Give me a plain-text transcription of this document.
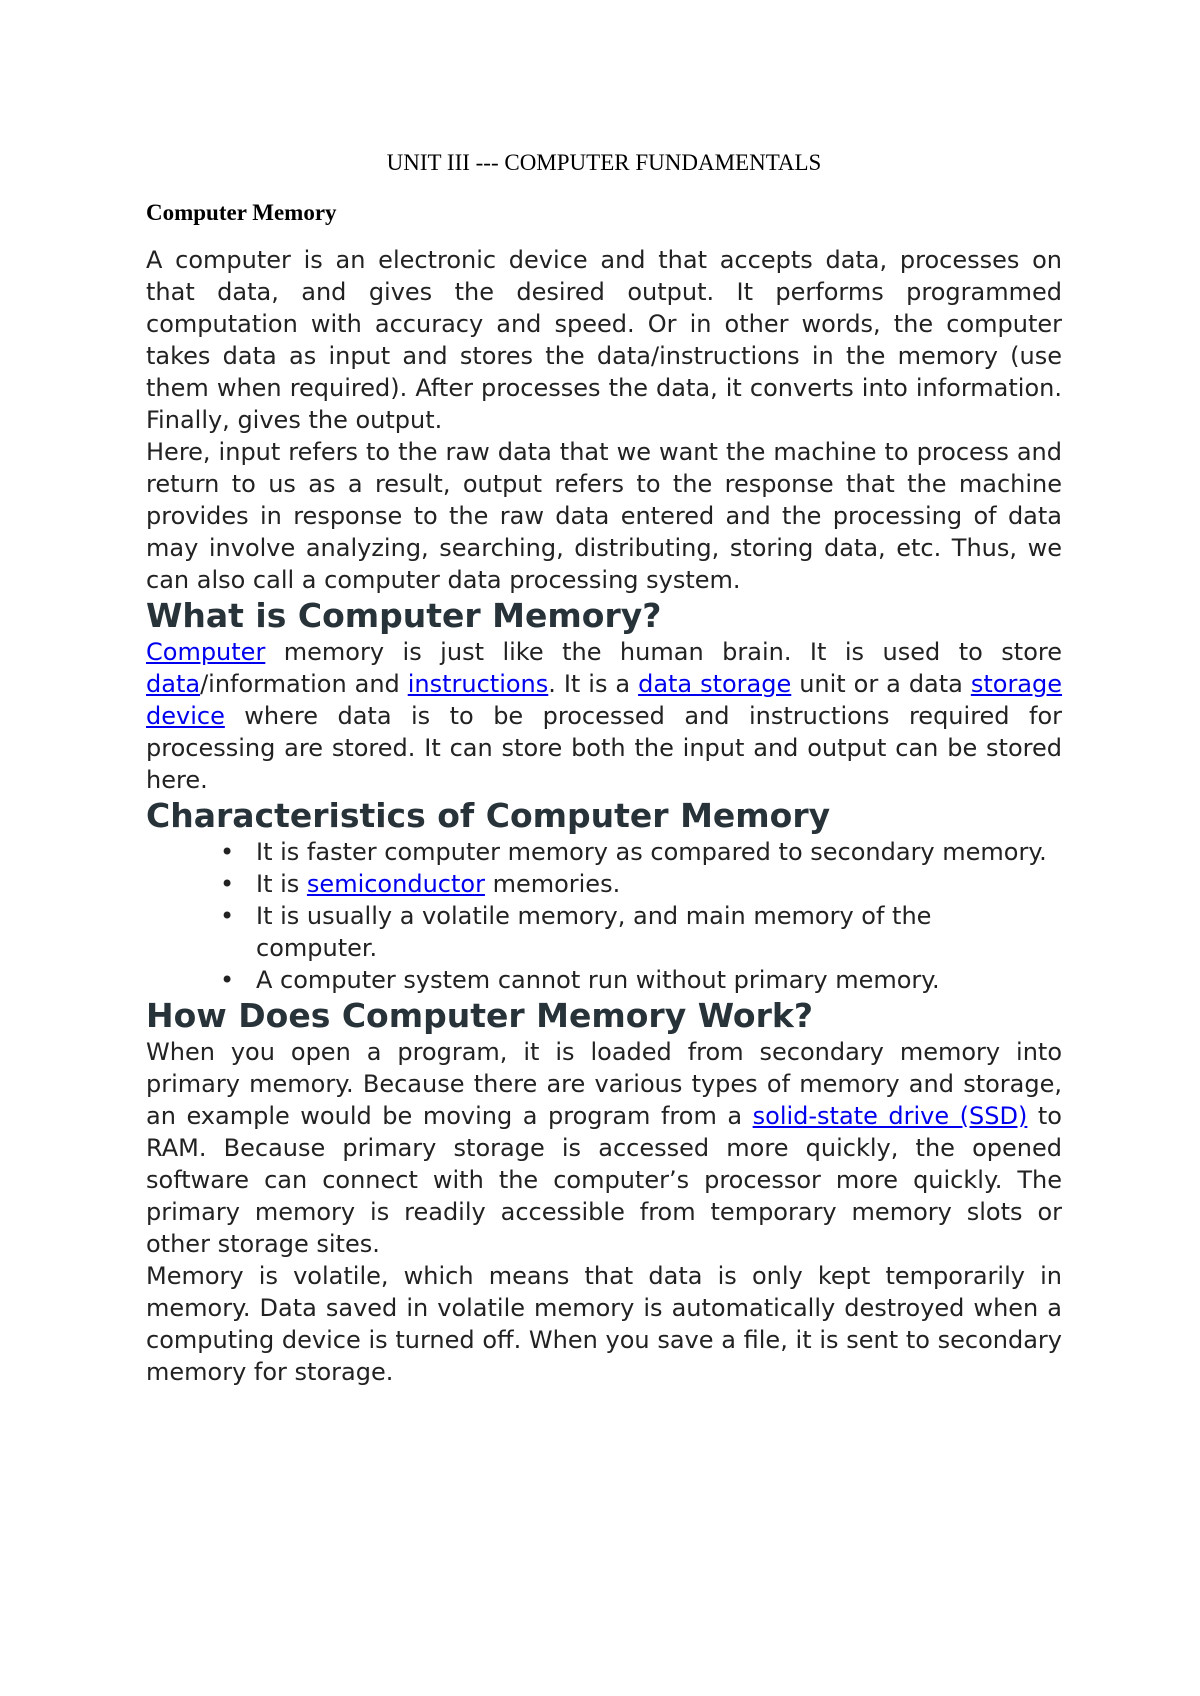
UNIT III --- COMPUTER FUNDAMENTALS
Computer Memory

A computer is an electronic device and that accepts data, processes on that data, and gives the desired output. It performs programmed computation with accuracy and speed. Or in other words, the computer takes data as input and stores the data/instructions in the memory (use them when required). After processes the data, it converts into information. Finally, gives the output.

Here, input refers to the raw data that we want the machine to process and return to us as a result, output refers to the response that the machine provides in response to the raw data entered and the processing of data may involve analyzing, searching, distributing, storing data, etc. Thus, we can also call a computer data processing system.

What is Computer Memory?

Computer memory is just like the human brain. It is used to store data/information and instructions. It is a data storage unit or a data storage device where data is to be processed and instructions required for processing are stored. It can store both the input and output can be stored here.

Characteristics of Computer Memory
• It is faster computer memory as compared to secondary memory.
• It is semiconductor memories.
• It is usually a volatile memory, and main memory of the computer.
• A computer system cannot run without primary memory.
How Does Computer Memory Work?

When you open a program, it is loaded from secondary memory into primary memory. Because there are various types of memory and storage, an example would be moving a program from a solid-state drive (SSD) to RAM. Because primary storage is accessed more quickly, the opened software can connect with the computer’s processor more quickly. The primary memory is readily accessible from temporary memory slots or other storage sites.

Memory is volatile, which means that data is only kept temporarily in memory. Data saved in volatile memory is automatically destroyed when a computing device is turned off. When you save a file, it is sent to secondary memory for storage.
